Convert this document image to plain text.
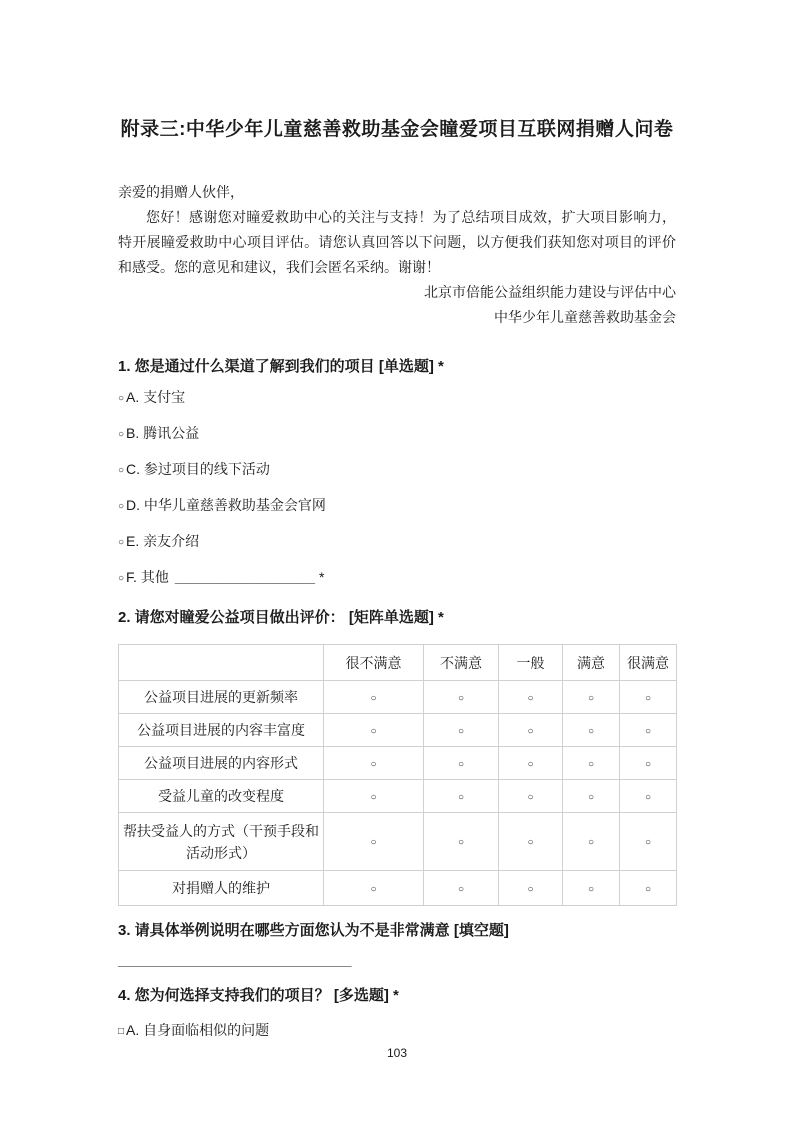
附录三:中华少年儿童慈善救助基金会瞳爱项目互联网捐赠人问卷

亲爱的捐赠人伙伴，

您好！感谢您对瞳爱救助中心的关注与支持！为了总结项目成效，扩大项目影响力，特开展瞳爱救助中心项目评估。请您认真回答以下问题，以方便我们获知您对项目的评价和感受。您的意见和建议，我们会匿名采纳。谢谢！

北京市倍能公益组织能力建设与评估中心

中华少年儿童慈善救助基金会

1. 您是通过什么渠道了解到我们的项目 [单选题] *

○ A. 支付宝
○ B. 腾讯公益
○ C. 参过项目的线下活动
○ D. 中华儿童慈善救助基金会官网
○ E. 亲友介绍
○ F. 其他 __________________ *

2. 请您对瞳爱公益项目做出评价： [矩阵单选题] *

	很不满意	不满意	一般	满意	很满意
公益项目进展的更新频率	○	○	○	○	○
公益项目进展的内容丰富度	○	○	○	○	○
公益项目进展的内容形式	○	○	○	○	○
受益儿童的改变程度	○	○	○	○	○
帮扶受益人的方式（干预手段和活动形式）	○	○	○	○	○
对捐赠人的维护	○	○	○	○	○

3. 请具体举例说明在哪些方面您认为不是非常满意 [填空题]

______________________________

4. 您为何选择支持我们的项目？ [多选题] *

□ A. 自身面临相似的问题
103
